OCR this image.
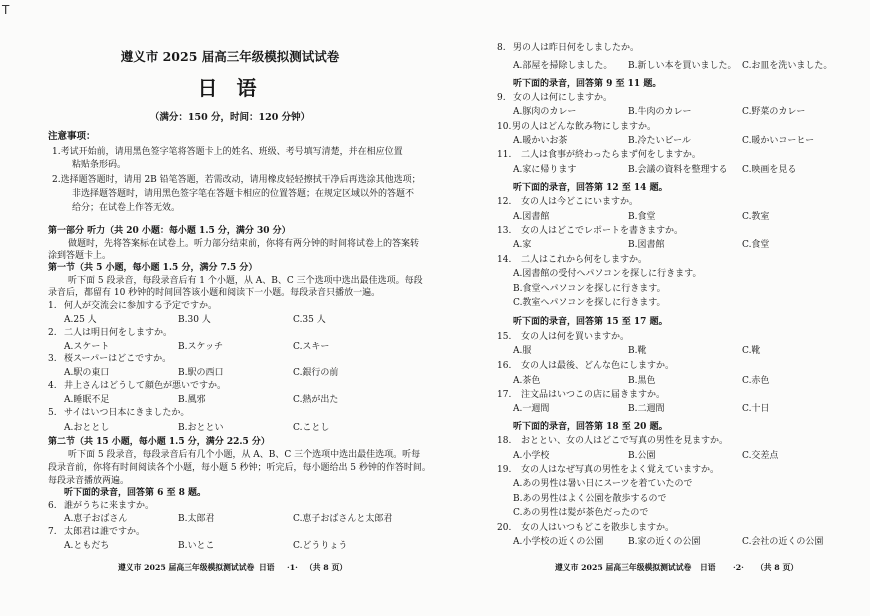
T
遵义市 2025 届高三年级模拟测试试卷
日 语
（满分：150 分，时间：120 分钟）
注意事项：
1.考试开始前，请用黑色签字笔将答题卡上的姓名、班级、考号填写清楚，并在相应位置
粘贴条形码。
2.选择题答题时，请用 2B 铅笔答题，若需改动，请用橡皮轻轻擦拭干净后再选涂其他选项；
非选择题答题时，请用黑色签字笔在答题卡相应的位置答题；在规定区域以外的答题不
给分；在试卷上作答无效。
第一部分 听力（共 20 小题：每小题 1.5 分，满分 30 分）
做题时，先将答案标在试卷上。听力部分结束前，你将有两分钟的时间将试卷上的答案转
涂到答题卡上。
第一节（共 5 小题，每小题 1.5 分，满分 7.5 分）
听下面 5 段录音，每段录音后有 1 个小题，从 A、B、C 三个选项中选出最佳选项。每段
录音后，都留有 10 秒钟的时间回答该小题和阅读下一小题。每段录音只播放一遍。
1. 何人が交流会に参加する予定ですか。
A.25 人	B.30 人	C.35 人
2. 二人は明日何をしますか。
A.スケート	B.スケッチ	C.スキー
3. 桜スーパーはどこですか。
A.駅の東口	B.駅の西口	C.銀行の前
4. 井上さんはどうして顔色が悪いですか。
A.睡眠不足	B.風邪	C.熱が出た
5. サイはいつ日本にきましたか。
A.おととし	B.おととい	C.ことし
第二节（共 15 小题，每小题 1.5 分，满分 22.5 分）
听下面 5 段录音，每段录音后有几个小题，从 A、B、C 三个选项中选出最佳选项。听每
段录音前，你将有时间阅读各个小题，每小题 5 秒钟；听完后，每小题给出 5 秒钟的作答时间。
每段录音播放两遍。
听下面的录音，回答第 6 至 8 题。
6. 誰がうちに来ますか。
A.恵子おばさん	B.太郎君	C.恵子おばさんと太郎君
7. 太郎君は誰ですか。
A.ともだち	B.いとこ	C.どうりょう
遵义市 2025 届高三年级模拟测试试卷 日语 ·1· （共 8 页）
8. 男の人は昨日何をしましたか。
A.部屋を掃除しました。 B.新しい本を買いました。 C.お皿を洗いました。
听下面的录音，回答第 9 至 11 题。
9. 女の人は何にしますか。
A.豚肉のカレー	B.牛肉のカレー	C.野菜のカレー
10. 男の人はどんな飲み物にしますか。
A.暖かいお茶	B.冷たいビール	C.暖かいコーヒー
11. 二人は食事が終わったらまず何をしますか。
A.家に帰ります	B.会議の資料を整理する C.映画を見る
听下面的录音，回答第 12 至 14 题。
12. 女の人は今どこにいますか。
A.図書館	B.食堂	C.教室
13. 女の人はどこでレポートを書きますか。
A.家	B.図書館	C.食堂
14. 二人はこれから何をしますか。
A.図書館の受付へパソコンを探しに行きます。
B.食堂へパソコンを探しに行きます。
C.教室へパソコンを探しに行きます。
听下面的录音，回答第 15 至 17 题。
15. 女の人は何を買いますか。
A.服	B.靴	C.靴
16. 女の人は最後、どんな色にしますか。
A.茶色	B.黒色	C.赤色
17. 注文品はいつこの店に届きますか。
A.一週間	B.二週間	C.十日
听下面的录音，回答第 18 至 20 题。
18. おととい、女の人はどこで写真の男性を見ますか。
A.小学校	B.公園	C.交差点
19. 女の人はなぜ写真の男性をよく覚えていますか。
A.あの男性は暑い日にスーツを着ていたので
B.あの男性はよく公園を散歩するので
C.あの男性は髪が茶色だったので
20. 女の人はいつもどこを散歩しますか。
A.小学校の近くの公園	B.家の近くの公園	C.会社の近くの公園
遵义市 2025 届高三年级模拟测试试卷 日语 ·2· （共 8 页）
